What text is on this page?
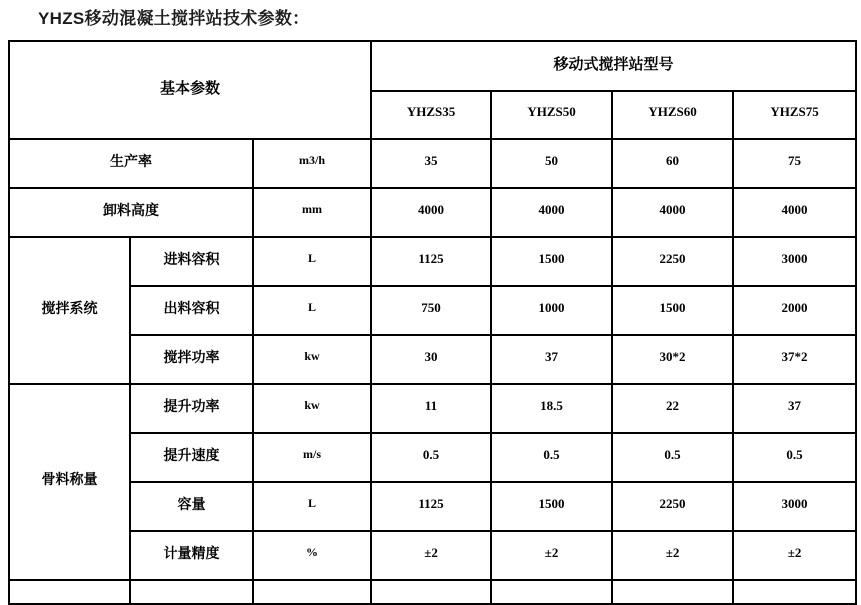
YHZS移动混凝土搅拌站技术参数：
基本参数			移动式搅拌站型号			
			YHZS35	YHZS50	YHZS60	YHZS75
生产率		m3/h	35	50	60	75
卸料高度		mm	4000	4000	4000	4000
搅拌系统	进料容积	L	1125	1500	2250	3000
	出料容积	L	750	1000	1500	2000
	搅拌功率	kw	30	37	30*2	37*2
骨料称量	提升功率	kw	11	18.5	22	37
	提升速度	m/s	0.5	0.5	0.5	0.5
	容量	L	1125	1500	2250	3000
	计量精度	%	±2	±2	±2	±2
